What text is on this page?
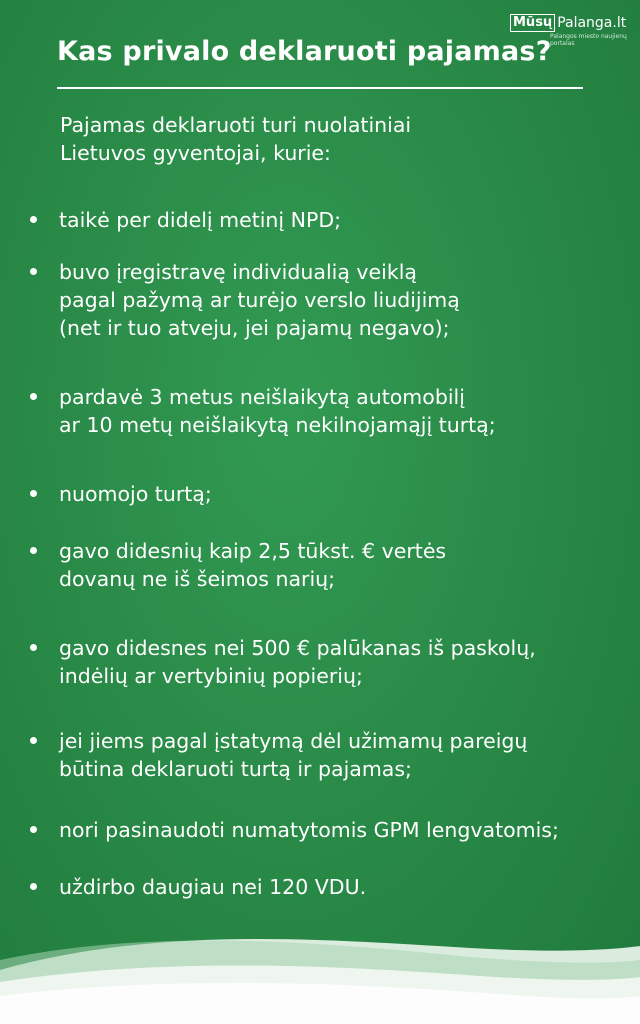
Mūsų Palanga.lt
Palangos miesto naujienų portalas
Kas privalo deklaruoti pajamas?

Pajamas deklaruoti turi nuolatiniai
Lietuvos gyventojai, kurie:

taikė per didelį metinį NPD;
buvo įregistravę individualią veiklą
pagal pažymą ar turėjo verslo liudijimą
(net ir tuo atveju, jei pajamų negavo);
pardavė 3 metus neišlaikytą automobilį
ar 10 metų neišlaikytą nekilnojamąjį turtą;
nuomojo turtą;
gavo didesnių kaip 2,5 tūkst. € vertės
dovanų ne iš šeimos narių;
gavo didesnes nei 500 € palūkanas iš paskolų,
indėlių ar vertybinių popierių;
jei jiems pagal įstatymą dėl užimamų pareigų
būtina deklaruoti turtą ir pajamas;
nori pasinaudoti numatytomis GPM lengvatomis;
uždirbo daugiau nei 120 VDU.
